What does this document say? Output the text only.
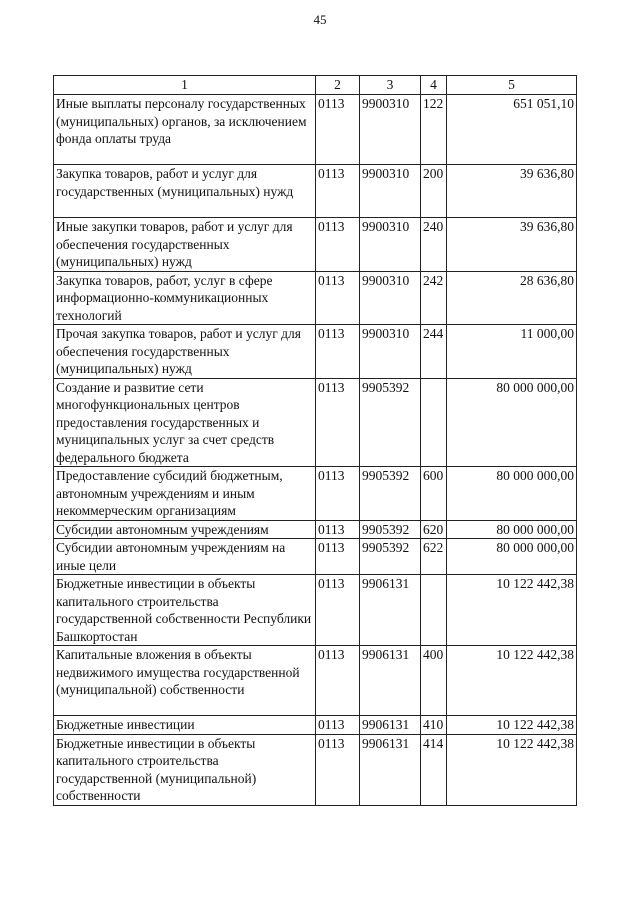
45
1	2	3	4	5
Иные выплаты персоналу государственных (муниципальных) органов, за исключением фонда оплаты труда	0113	9900310	122	651 051,10
Закупка товаров, работ и услуг для государственных (муниципальных) нужд	0113	9900310	200	39 636,80
Иные закупки товаров, работ и услуг для обеспечения государственных (муниципальных) нужд	0113	9900310	240	39 636,80
Закупка товаров, работ, услуг в сфере информационно-коммуникационных технологий	0113	9900310	242	28 636,80
Прочая закупка товаров, работ и услуг для обеспечения государственных (муниципальных) нужд	0113	9900310	244	11 000,00
Создание и развитие сети многофункциональных центров предоставления государственных и муниципальных услуг за счет средств федерального бюджета	0113	9905392		80 000 000,00
Предоставление субсидий бюджетным, автономным учреждениям и иным некоммерческим организациям	0113	9905392	600	80 000 000,00
Субсидии автономным учреждениям	0113	9905392	620	80 000 000,00
Субсидии автономным учреждениям на иные цели	0113	9905392	622	80 000 000,00
Бюджетные инвестиции в объекты капитального строительства государственной собственности Республики Башкортостан	0113	9906131		10 122 442,38
Капитальные вложения в объекты недвижимого имущества государственной (муниципальной) собственности	0113	9906131	400	10 122 442,38
Бюджетные инвестиции	0113	9906131	410	10 122 442,38
Бюджетные инвестиции в объекты капитального строительства государственной (муниципальной) собственности	0113	9906131	414	10 122 442,38
